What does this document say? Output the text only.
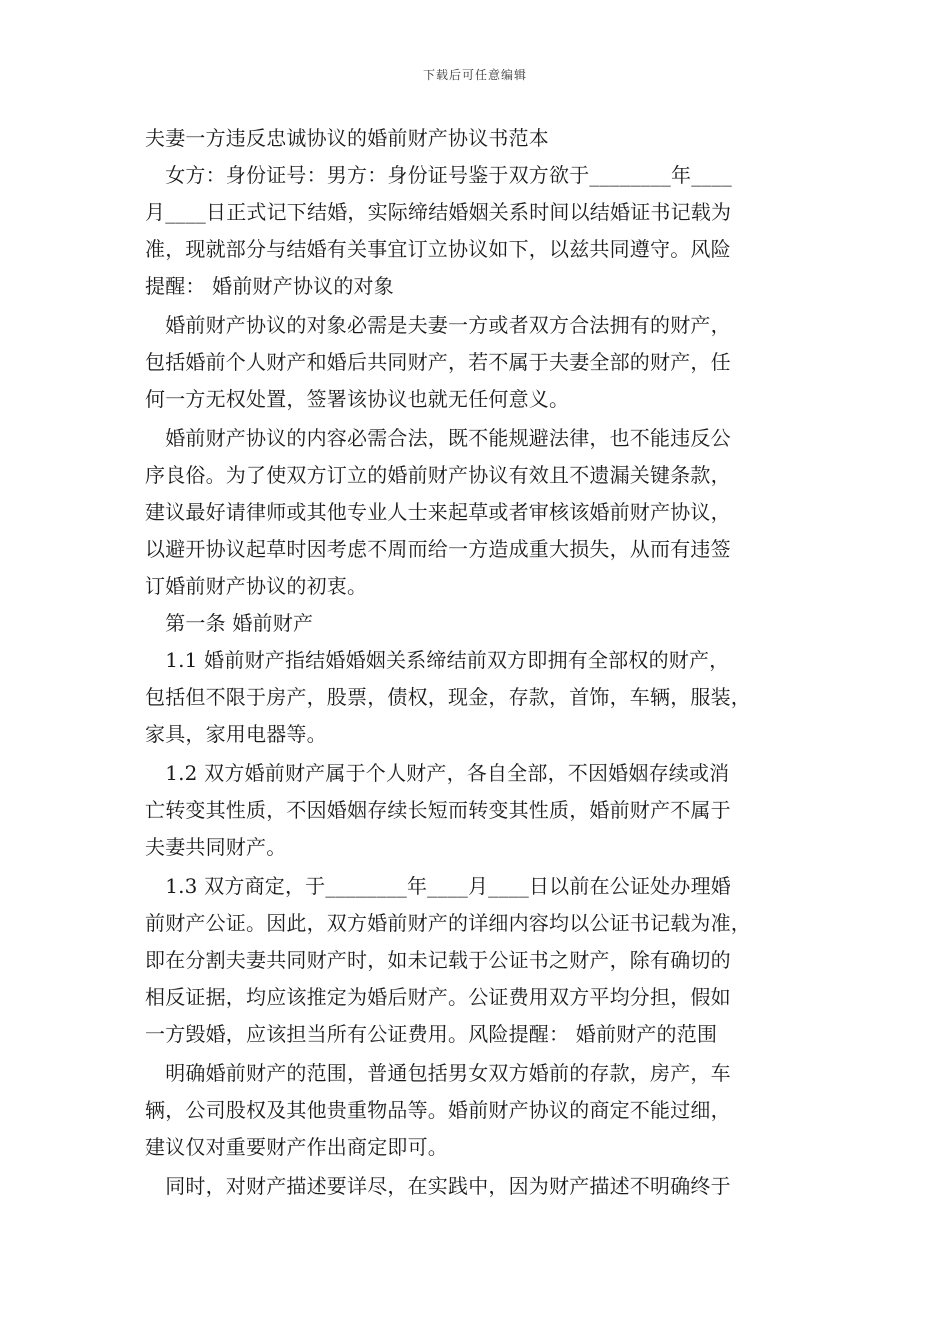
下载后可任意编辑
夫妻一方违反忠诚协议的婚前财产协议书范本
　女方：身份证号：男方：身份证号鉴于双方欲于________年____
月____日正式记下结婚，实际缔结婚姻关系时间以结婚证书记载为
准，现就部分与结婚有关事宜订立协议如下，以兹共同遵守。风险
提醒： 婚前财产协议的对象
　婚前财产协议的对象必需是夫妻一方或者双方合法拥有的财产，
包括婚前个人财产和婚后共同财产，若不属于夫妻全部的财产，任
何一方无权处置，签署该协议也就无任何意义。
　婚前财产协议的内容必需合法，既不能规避法律，也不能违反公
序良俗。为了使双方订立的婚前财产协议有效且不遗漏关键条款，
建议最好请律师或其他专业人士来起草或者审核该婚前财产协议，
以避开协议起草时因考虑不周而给一方造成重大损失，从而有违签
订婚前财产协议的初衷。
　第一条 婚前财产
　1.1 婚前财产指结婚婚姻关系缔结前双方即拥有全部权的财产，
包括但不限于房产，股票，债权，现金，存款，首饰，车辆，服装，
家具，家用电器等。
　1.2 双方婚前财产属于个人财产，各自全部，不因婚姻存续或消
亡转变其性质，不因婚姻存续长短而转变其性质，婚前财产不属于
夫妻共同财产。
　1.3 双方商定，于________年____月____日以前在公证处办理婚
前财产公证。因此，双方婚前财产的详细内容均以公证书记载为准，
即在分割夫妻共同财产时，如未记载于公证书之财产，除有确切的
相反证据，均应该推定为婚后财产。公证费用双方平均分担，假如
一方毁婚，应该担当所有公证费用。风险提醒： 婚前财产的范围
　明确婚前财产的范围，普通包括男女双方婚前的存款，房产，车
辆，公司股权及其他贵重物品等。婚前财产协议的商定不能过细，
建议仅对重要财产作出商定即可。
　同时，对财产描述要详尽，在实践中，因为财产描述不明确终于
